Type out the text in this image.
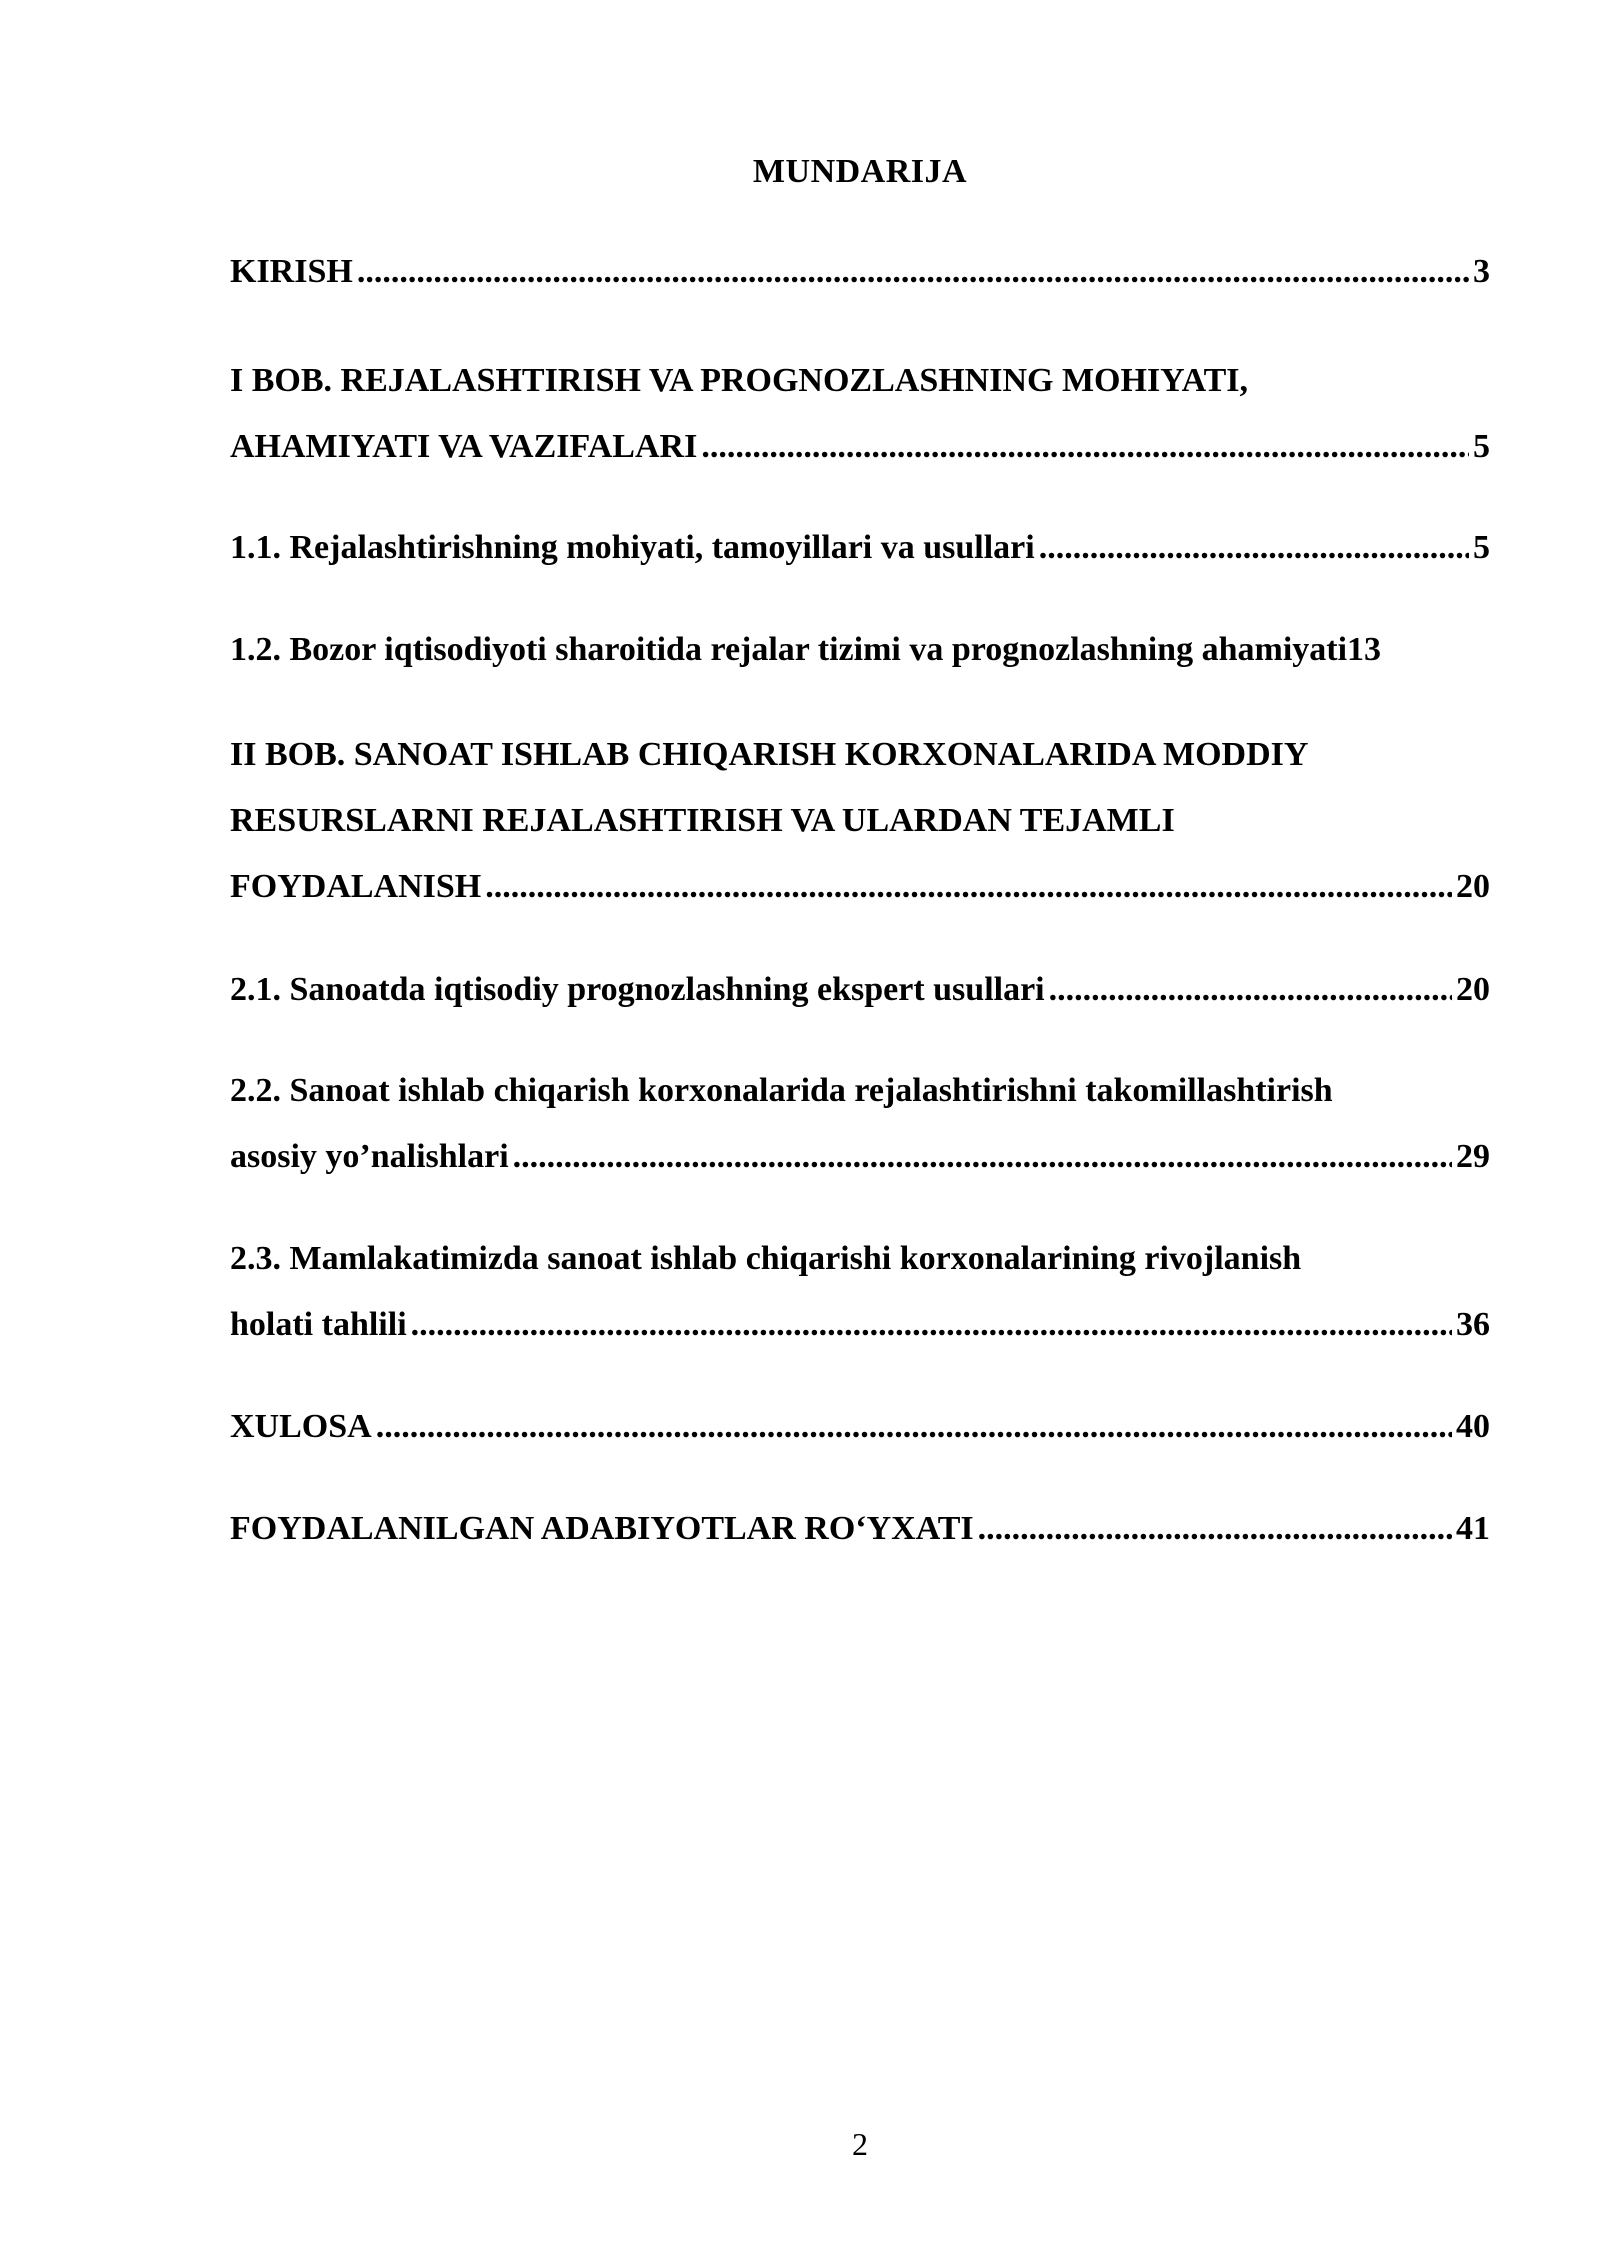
MUNDARIJA
KIRISH .....	3
I BOB. REJALASHTIRISH VA PROGNOZLASHNING MOHIYATI,
AHAMIYATI VA VAZIFALARI .....	5
1.1. Rejalashtirishning mohiyati, tamoyillari va usullari .....	5
1.2. Bozor iqtisodiyoti sharoitida rejalar tizimi va prognozlashning ahamiyati 13
II BOB. SANOAT ISHLAB CHIQARISH KORXONALARIDA MODDIY
RESURSLARNI REJALASHTIRISH VA ULARDAN TEJAMLI
FOYDALANISH .....	20
2.1. Sanoatda iqtisodiy prognozlashning ekspert usullari .....	20
2.2. Sanoat ishlab chiqarish korxonalarida rejalashtirishni takomillashtirish
asosiy yo’nalishlari .....	29
2.3. Mamlakatimizda sanoat ishlab chiqarishi korxonalarining rivojlanish
holati tahlili .....	36
XULOSA .....	40
FOYDALANILGAN ADABIYOTLAR RO‘YXATI .....	41
2
